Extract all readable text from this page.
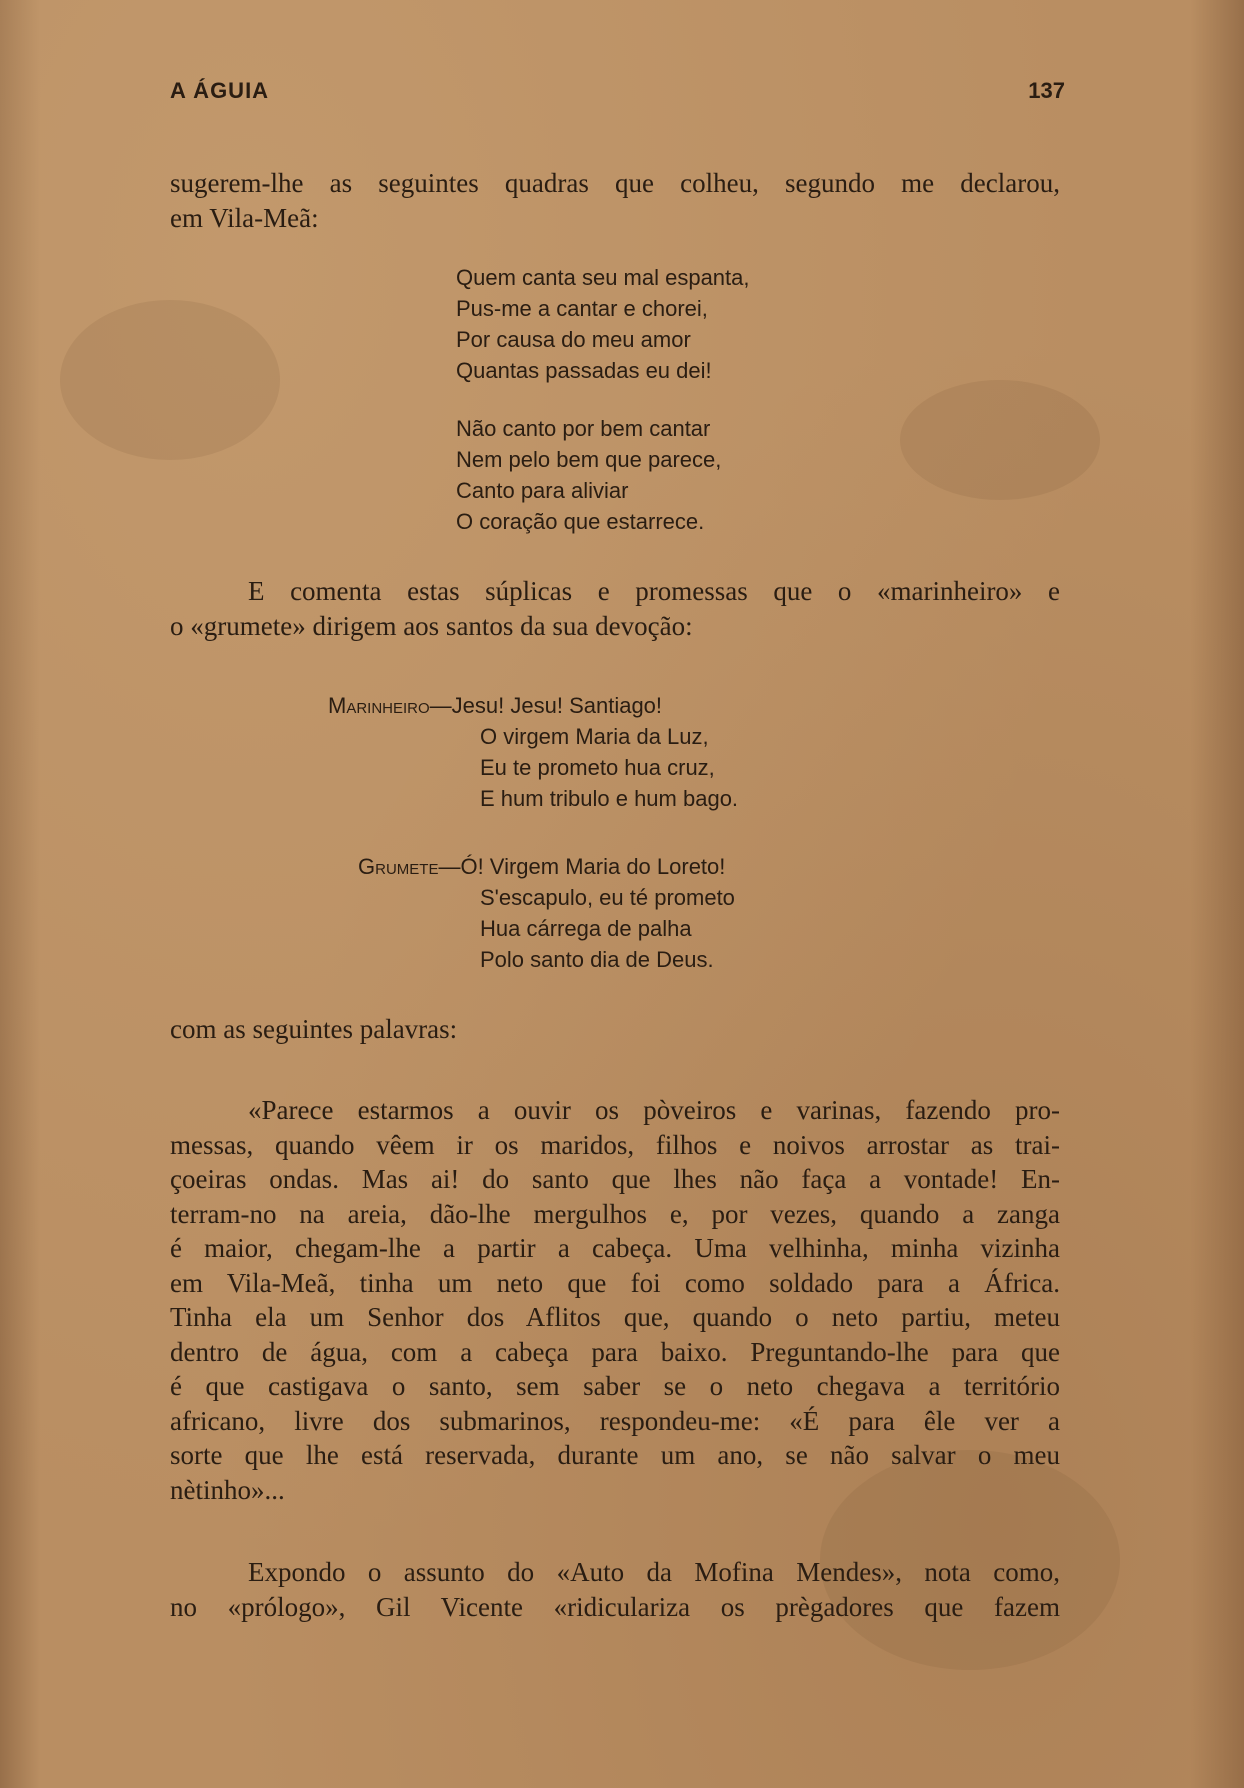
A ÁGUIA	137

sugerem-lhe as seguintes quadras que colheu, segundo me declarou,
em Vila-Meã:

Quem canta seu mal espanta,
Pus-me a cantar e chorei,
Por causa do meu amor
Quantas passadas eu dei!
Não canto por bem cantar
Nem pelo bem que parece,
Canto para aliviar
O coração que estarrece.

E comenta estas súplicas e promessas que o «marinheiro» e
o «grumete» dirigem aos santos da sua devoção:

Marinheiro—Jesu! Jesu! Santiago!
O virgem Maria da Luz,
Eu te prometo hua cruz,
E hum tribulo e hum bago.
Grumete—Ó! Virgem Maria do Loreto!
S'escapulo, eu té prometo
Hua cárrega de palha
Polo santo dia de Deus.

com as seguintes palavras:

«Parece estarmos a ouvir os pòveiros e varinas, fazendo pro-
messas, quando vêem ir os maridos, filhos e noivos arrostar as trai-
çoeiras ondas. Mas ai! do santo que lhes não faça a vontade! En-
terram-no na areia, dão-lhe mergulhos e, por vezes, quando a zanga
é maior, chegam-lhe a partir a cabeça. Uma velhinha, minha vizinha
em Vila-Meã, tinha um neto que foi como soldado para a África.
Tinha ela um Senhor dos Aflitos que, quando o neto partiu, meteu
dentro de água, com a cabeça para baixo. Preguntando-lhe para que
é que castigava o santo, sem saber se o neto chegava a território
africano, livre dos submarinos, respondeu-me: «É para êle ver a
sorte que lhe está reservada, durante um ano, se não salvar o meu
nètinho»...

Expondo o assunto do «Auto da Mofina Mendes», nota como,
no «prólogo», Gil Vicente «ridiculariza os prègadores que fazem
